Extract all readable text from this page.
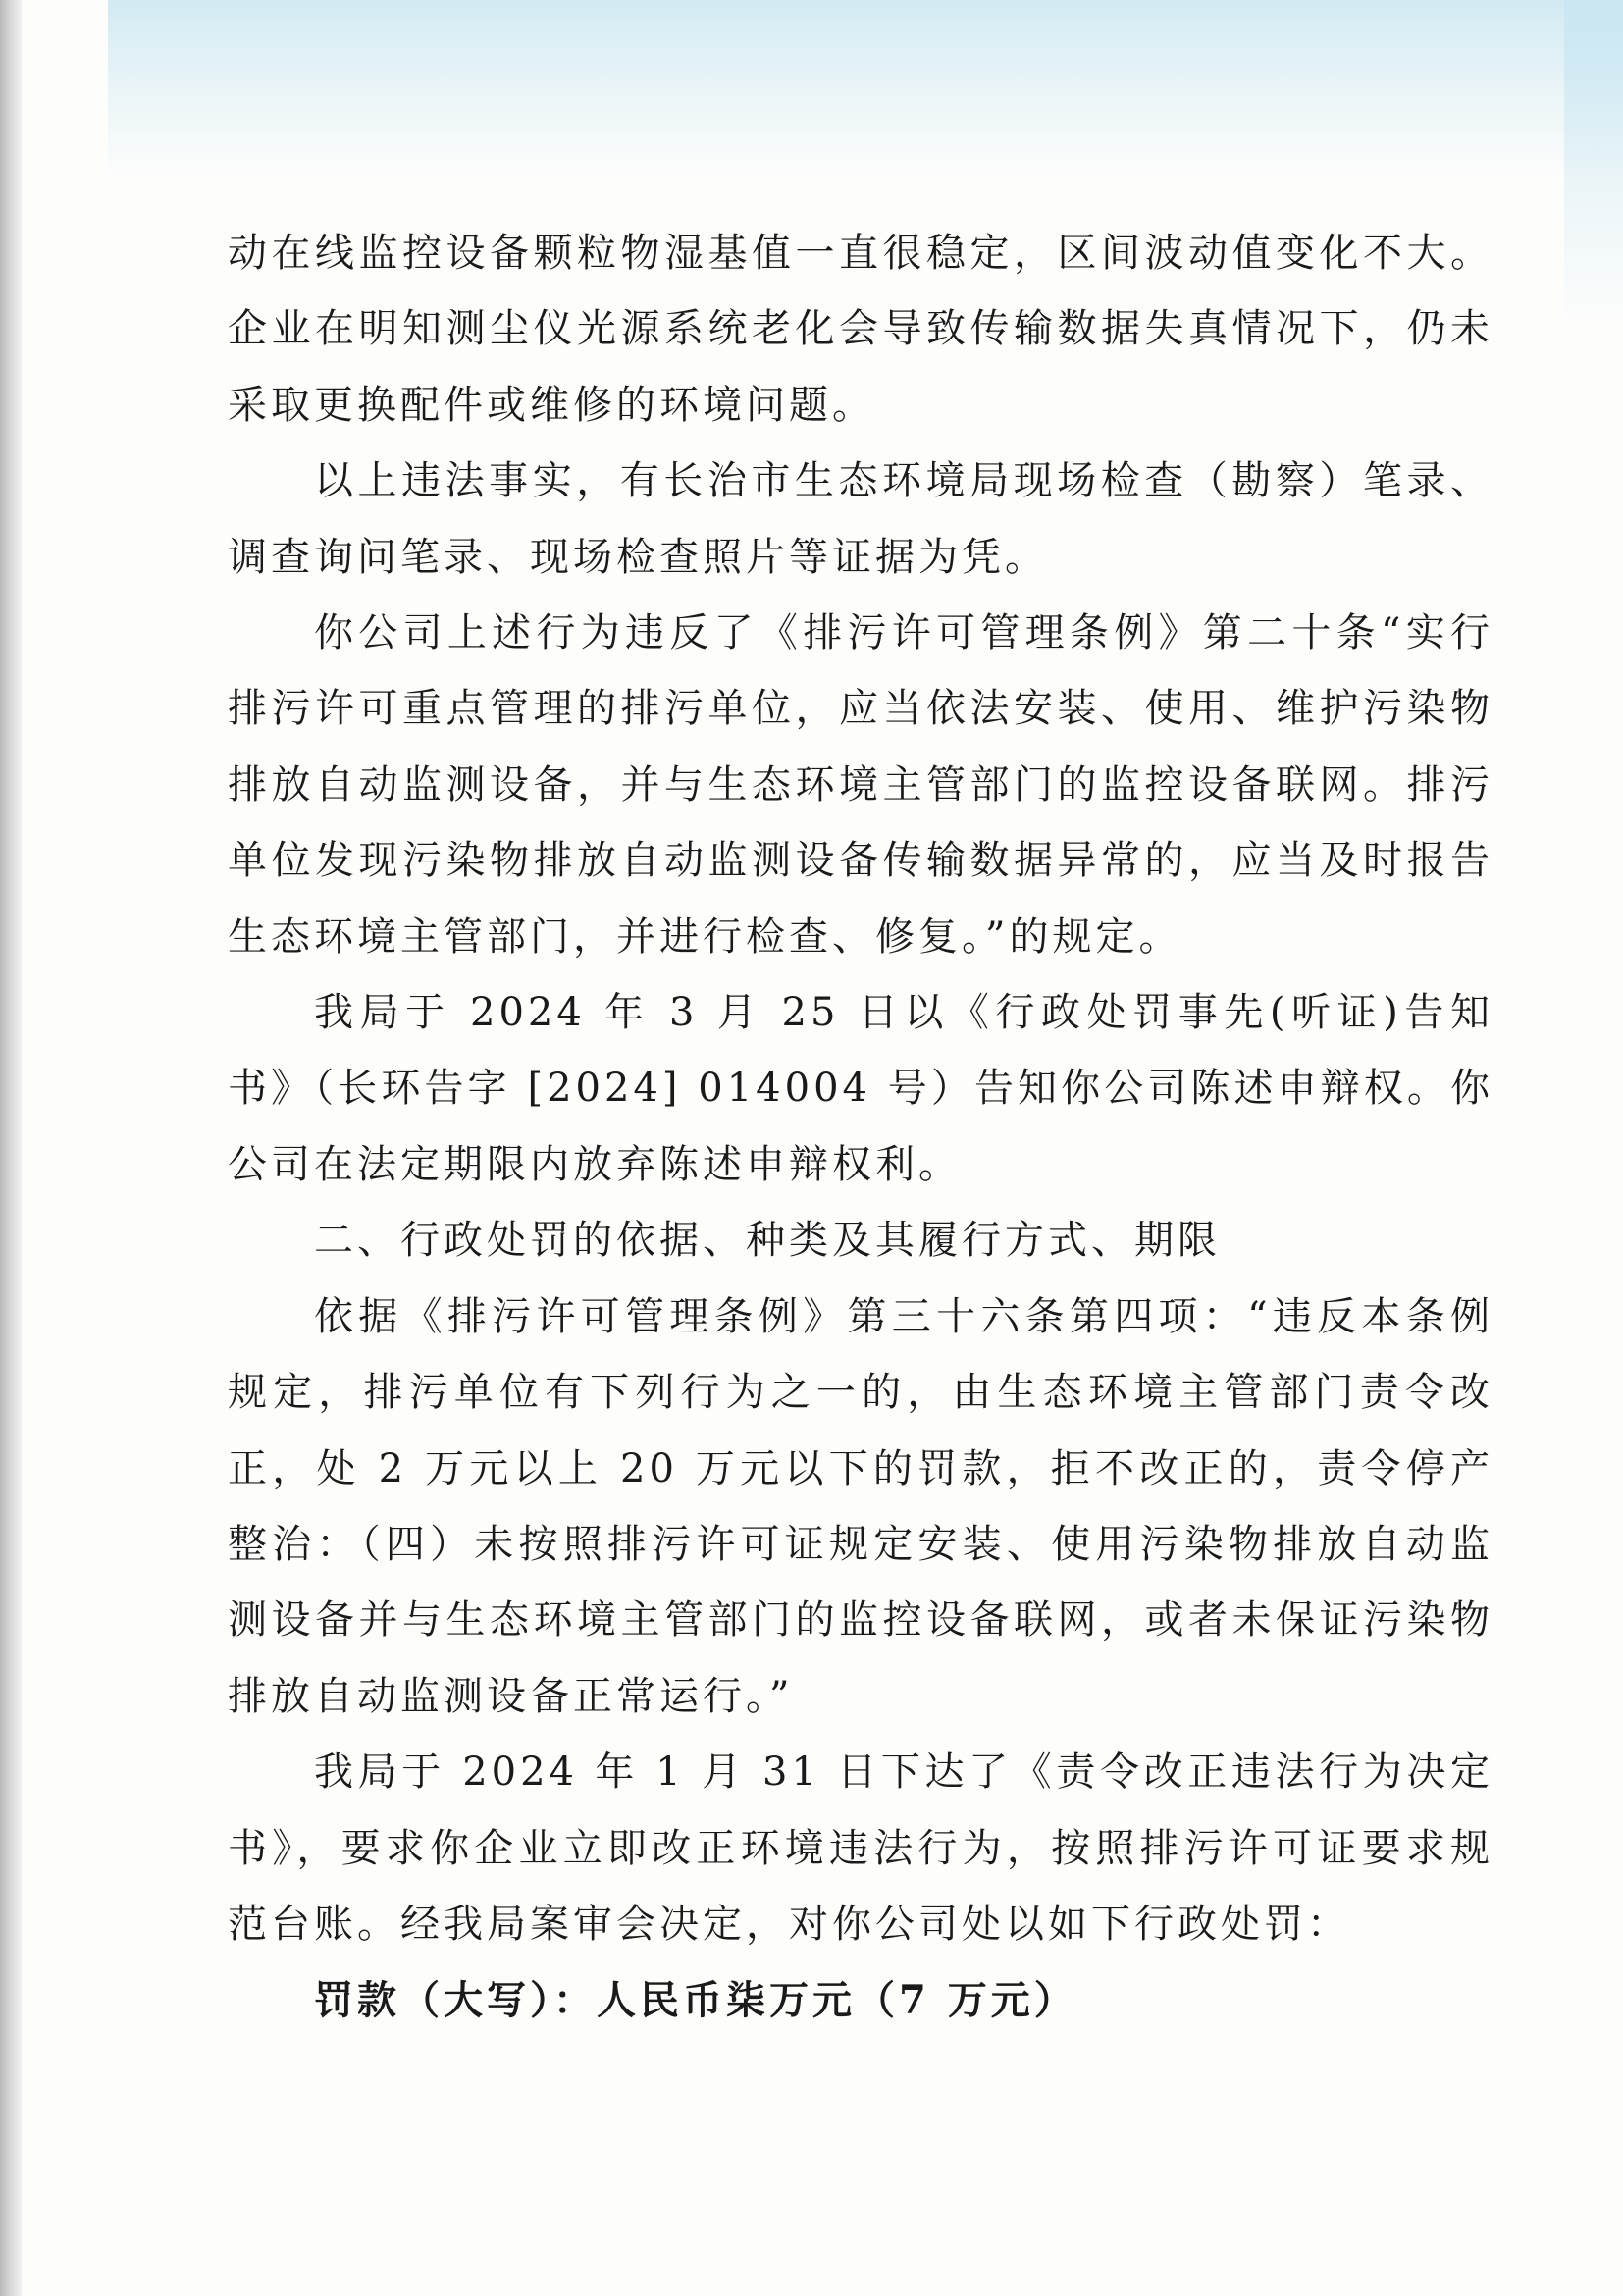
动在线监控设备颗粒物湿基值一直很稳定，区间波动值变化不大。企业在明知测尘仪光源系统老化会导致传输数据失真情况下，仍未采取更换配件或维修的环境问题。

以上违法事实，有长治市生态环境局现场检查（勘察）笔录、调查询问笔录、现场检查照片等证据为凭。

你公司上述行为违反了《排污许可管理条例》第二十条“实行排污许可重点管理的排污单位，应当依法安装、使用、维护污染物排放自动监测设备，并与生态环境主管部门的监控设备联网。排污单位发现污染物排放自动监测设备传输数据异常的，应当及时报告生态环境主管部门，并进行检查、修复。”的规定。

我局于 2024 年 3 月 25 日以《行政处罚事先(听证)告知书》（长环告字 [2024] 014004 号）告知你公司陈述申辩权。你公司在法定期限内放弃陈述申辩权利。

二、行政处罚的依据、种类及其履行方式、期限

依据《排污许可管理条例》第三十六条第四项：“违反本条例规定，排污单位有下列行为之一的，由生态环境主管部门责令改正，处 2 万元以上 20 万元以下的罚款，拒不改正的，责令停产整治：（四）未按照排污许可证规定安装、使用污染物排放自动监测设备并与生态环境主管部门的监控设备联网，或者未保证污染物排放自动监测设备正常运行。”

我局于 2024 年 1 月 31 日下达了《责令改正违法行为决定书》，要求你企业立即改正环境违法行为，按照排污许可证要求规范台账。经我局案审会决定，对你公司处以如下行政处罚：

罚款（大写）：人民币柒万元（7 万元）
